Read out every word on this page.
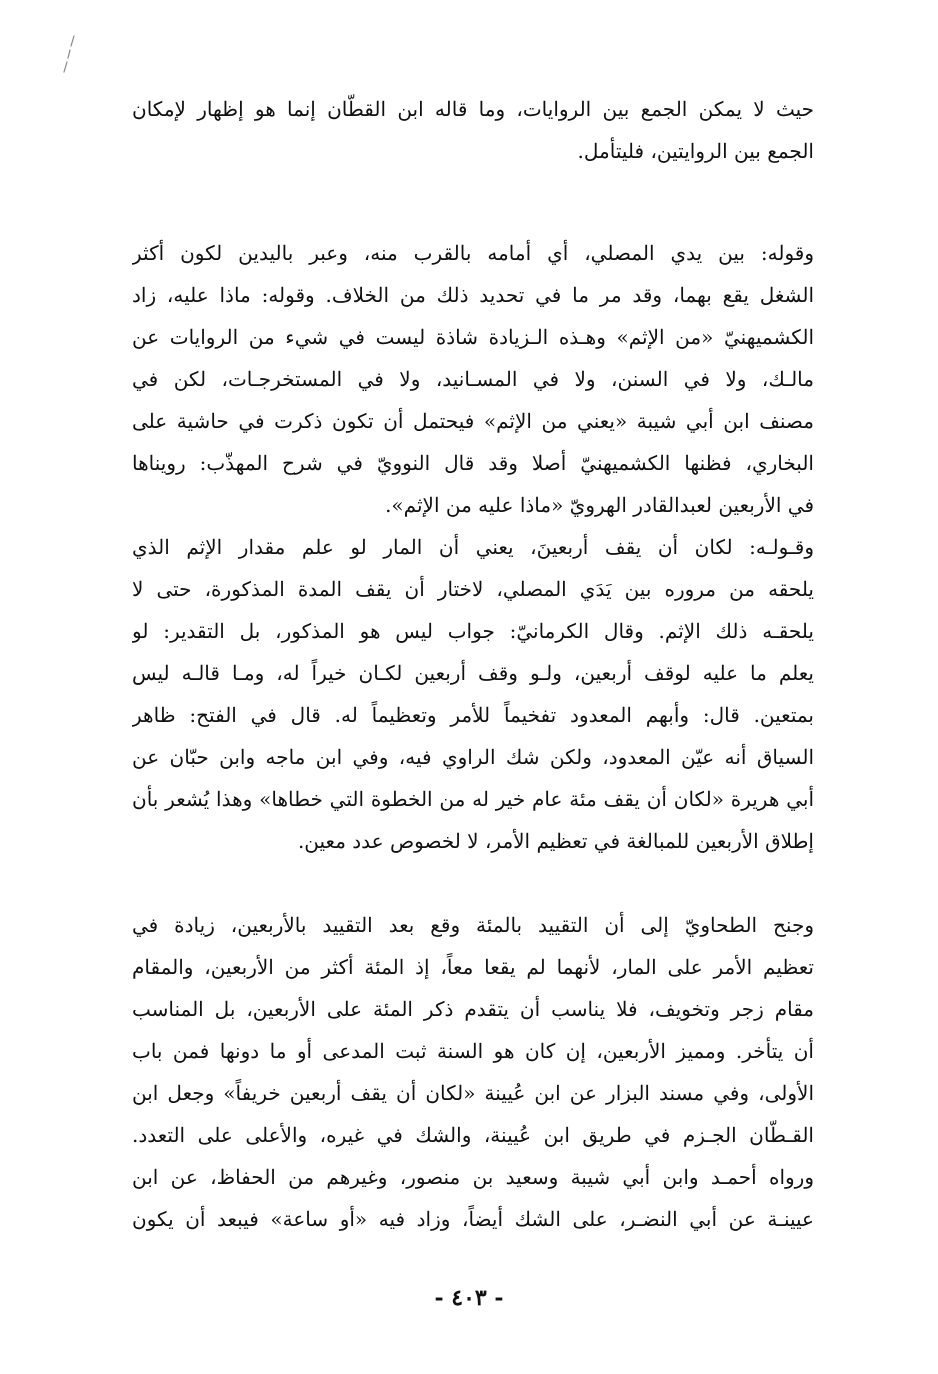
حيث لا يمكن الجمع بين الروايات، وما قاله ابن القطّان إنما هو إظهار لإمكان
الجمع بين الروايتين، فليتأمل.
وقوله: بين يدي المصلي، أي أمامه بالقرب منه، وعبر باليدين لكون أكثر
الشغل يقع بهما، وقد مر ما في تحديد ذلك من الخلاف. وقوله: ماذا عليه، زاد
الكشميهنيّ «من الإثم» وهـذه الـزيادة شاذة ليست في شيء من الروايات عن
مالـك، ولا في السنن، ولا في المسـانيد، ولا في المستخرجـات، لكن في
مصنف ابن أبي شيبة «يعني من الإثم» فيحتمل أن تكون ذكرت في حاشية على
البخاري، فظنها الكشميهنيّ أصلا وقد قال النوويّ في شرح المهذّب: رويناها
في الأربعين لعبدالقادر الهرويّ «ماذا عليه من الإثم».
وقـولـه: لكان أن يقف أربعينَ، يعني أن المار لو علم مقدار الإثم الذي
يلحقه من مروره بين يَدَي المصلي، لاختار أن يقف المدة المذكورة، حتى لا
يلحقـه ذلك الإثم. وقال الكرمانيّ: جواب ليس هو المذكور، بل التقدير: لو
يعلم ما عليه لوقف أربعين، ولـو وقف أربعين لكـان خيراً له، ومـا قالـه ليس
بمتعين. قال: وأبهم المعدود تفخيماً للأمر وتعظيماً له. قال في الفتح: ظاهر
السياق أنه عيّن المعدود، ولكن شك الراوي فيه، وفي ابن ماجه وابن حبّان عن
أبي هريرة «لكان أن يقف مئة عام خير له من الخطوة التي خطاها» وهذا يُشعر بأن
إطلاق الأربعين للمبالغة في تعظيم الأمر، لا لخصوص عدد معين.
وجنح الطحاويّ إلى أن التقييد بالمئة وقع بعد التقييد بالأربعين، زيادة في
تعظيم الأمر على المار، لأنهما لم يقعا معاً، إذ المئة أكثر من الأربعين، والمقام
مقام زجر وتخويف، فلا يناسب أن يتقدم ذكر المئة على الأربعين، بل المناسب
أن يتأخر. ومميز الأربعين، إن كان هو السنة ثبت المدعى أو ما دونها فمن باب
الأولى، وفي مسند البزار عن ابن عُيينة «لكان أن يقف أربعين خريفاً» وجعل ابن
القـطّان الجـزم في طريق ابن عُيينة، والشك في غيره، والأعلى على التعدد.
ورواه أحمـد وابن أبي شيبة وسعيد بن منصور، وغيرهم من الحفاظ، عن ابن
عيينـة عن أبي النضـر، على الشك أيضاً، وزاد فيه «أو ساعة» فيبعد أن يكون
- ٤٠٣ -
